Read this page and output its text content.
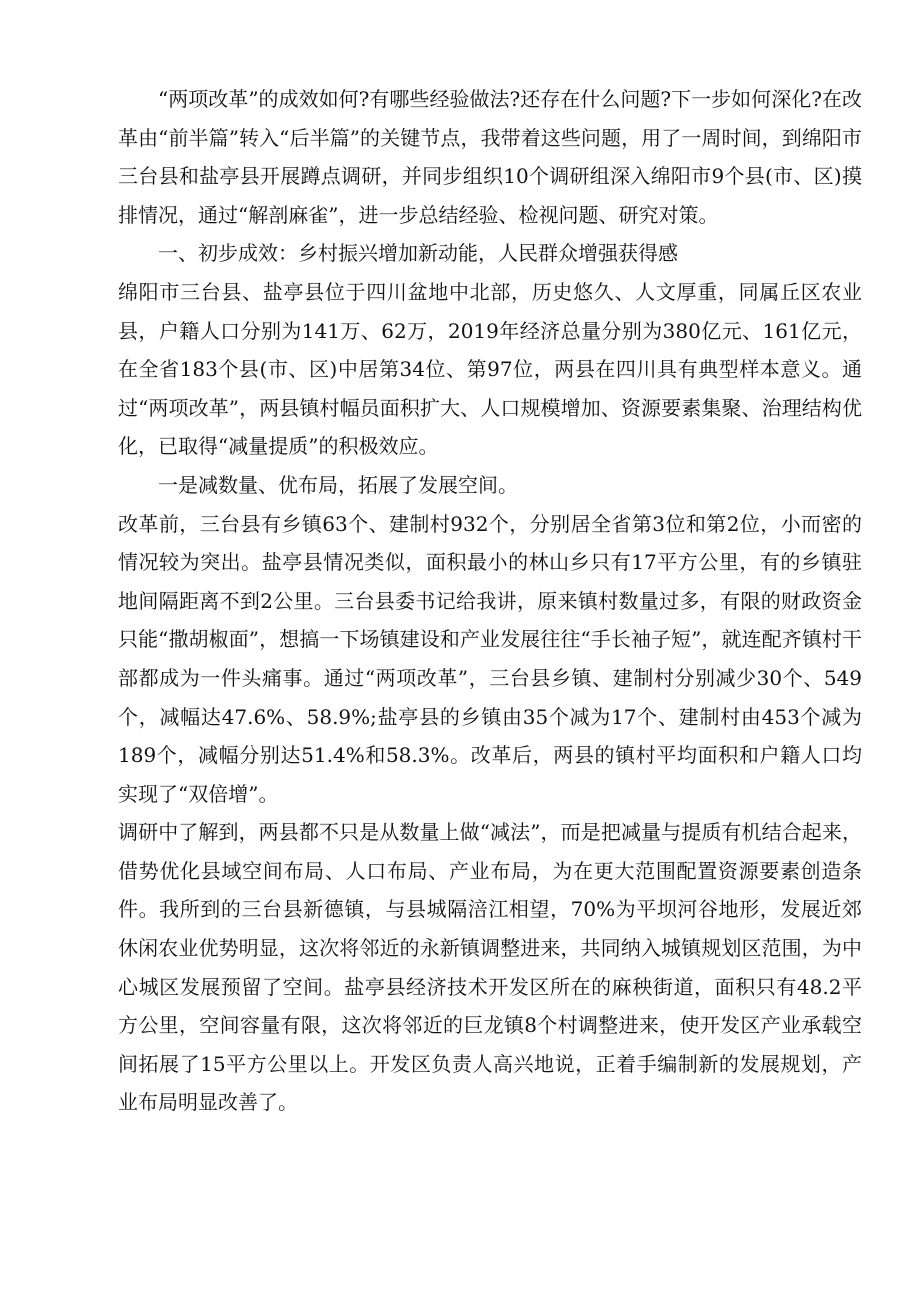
“两项改革”的成效如何?有哪些经验做法?还存在什么问题?下一步如何深化?在改革由“前半篇”转入“后半篇”的关键节点，我带着这些问题，用了一周时间，到绵阳市三台县和盐亭县开展蹲点调研，并同步组织10个调研组深入绵阳市9个县(市、区)摸排情况，通过“解剖麻雀”，进一步总结经验、检视问题、研究对策。

一、初步成效：乡村振兴增加新动能，人民群众增强获得感

绵阳市三台县、盐亭县位于四川盆地中北部，历史悠久、人文厚重，同属丘区农业县，户籍人口分别为141万、62万，2019年经济总量分别为380亿元、161亿元，在全省183个县(市、区)中居第34位、第97位，两县在四川具有典型样本意义。通过“两项改革”，两县镇村幅员面积扩大、人口规模增加、资源要素集聚、治理结构优化，已取得“减量提质”的积极效应。

一是减数量、优布局，拓展了发展空间。

改革前，三台县有乡镇63个、建制村932个，分别居全省第3位和第2位，小而密的情况较为突出。盐亭县情况类似，面积最小的林山乡只有17平方公里，有的乡镇驻地间隔距离不到2公里。三台县委书记给我讲，原来镇村数量过多，有限的财政资金只能“撒胡椒面”，想搞一下场镇建设和产业发展往往“手长袖子短”，就连配齐镇村干部都成为一件头痛事。通过“两项改革”，三台县乡镇、建制村分别减少30个、549个，减幅达47.6%、58.9%;盐亭县的乡镇由35个减为17个、建制村由453个减为189个，减幅分别达51.4%和58.3%。改革后，两县的镇村平均面积和户籍人口均实现了“双倍增”。

调研中了解到，两县都不只是从数量上做“减法”，而是把减量与提质有机结合起来，借势优化县域空间布局、人口布局、产业布局，为在更大范围配置资源要素创造条件。我所到的三台县新德镇，与县城隔涪江相望，70%为平坝河谷地形，发展近郊休闲农业优势明显，这次将邻近的永新镇调整进来，共同纳入城镇规划区范围，为中心城区发展预留了空间。盐亭县经济技术开发区所在的麻秧街道，面积只有48.2平方公里，空间容量有限，这次将邻近的巨龙镇8个村调整进来，使开发区产业承载空间拓展了15平方公里以上。开发区负责人高兴地说，正着手编制新的发展规划，产业布局明显改善了。
